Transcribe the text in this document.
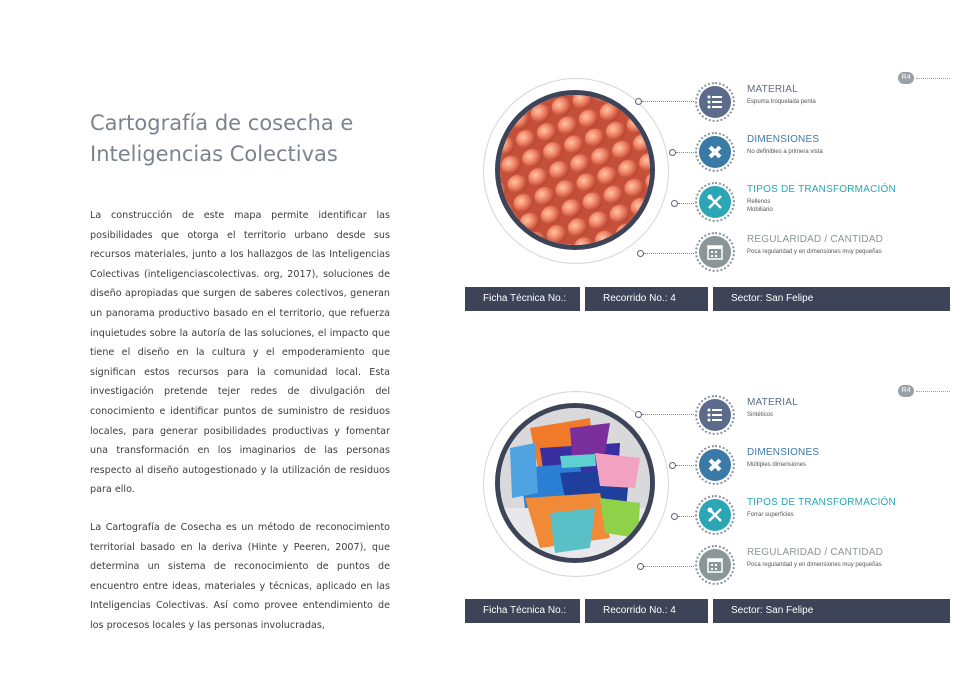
Cartografía de cosecha e
Inteligencias Colectivas

La construcción de este mapa permite identificar las posibilidades que otorga el territorio urbano desde sus recursos materiales, junto a los hallazgos de las Inteligencias Colectivas (inteligenciascolectivas. org, 2017), soluciones de diseño apropiadas que surgen de saberes colectivos, generan un panorama productivo basado en el territorio, que refuerza inquietudes sobre la autoría de las soluciones, el impacto que tiene el diseño en la cultura y el empoderamiento que significan estos recursos para la comunidad local. Esta investigación pretende tejer redes de divulgación del conocimiento e identificar puntos de suministro de residuos locales, para generar posibilidades productivas y fomentar una transformación en los imaginarios de las personas respecto al diseño autogestionado y la utilización de residuos para ello.

La Cartografía de Cosecha es un método de reconocimiento territorial basado en la deriva (Hinte y Peeren, 2007), que determina un sistema de reconocimiento de puntos de encuentro entre ideas, materiales y técnicas, aplicado en las Inteligencias Colectivas. Así como provee entendimiento de los procesos locales y las personas involucradas,

R4
MATERIAL
Espuma troquelada penta
DIMENSIONES
No definibles a primera vista
TIPOS DE TRANSFORMACIÓN
Rellenos
Mobiliario
REGULARIDAD / CANTIDAD
Poca regularidad y en dimensiones muy pequeñas
Ficha Técnica No.: 007
Recorrido No.: 4	Sector: San Felipe
R4
MATERIAL
Sintéticos
DIMENSIONES
Múltiples dimensiones
TIPOS DE TRANSFORMACIÓN
Forrar superficies
REGULARIDAD / CANTIDAD
Poca regularidad y en dimensiones muy pequeñas
Ficha Técnica No.: 010
Recorrido No.: 4	Sector: San Felipe
